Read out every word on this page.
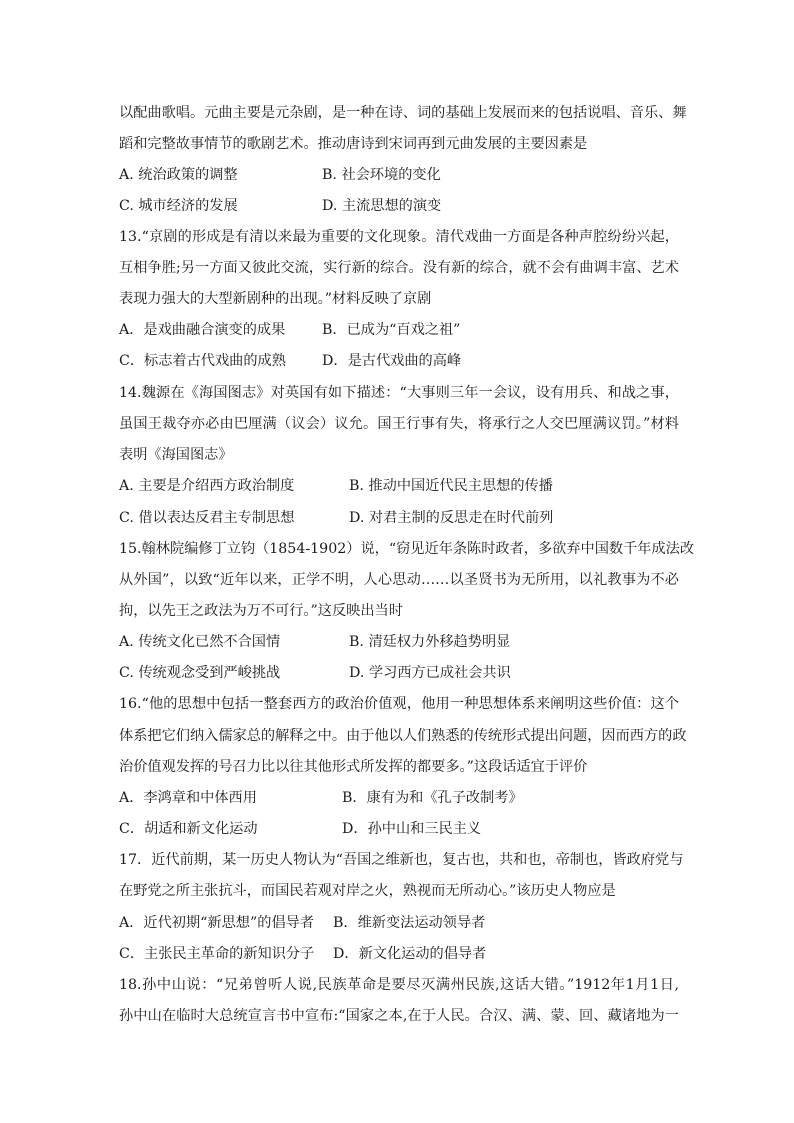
以配曲歌唱。元曲主要是元杂剧，是一种在诗、词的基础上发展而来的包括说唱、音乐、舞
蹈和完整故事情节的歌剧艺术。推动唐诗到宋词再到元曲发展的主要因素是
A. 统治政策的调整	B. 社会环境的变化
C. 城市经济的发展	D. 主流思想的演变
13.“京剧的形成是有清以来最为重要的文化现象。清代戏曲一方面是各种声腔纷纷兴起，
互相争胜;另一方面又彼此交流，实行新的综合。没有新的综合，就不会有曲调丰富、艺术
表现力强大的大型新剧种的出现。”材料反映了京剧
A．是戏曲融合演变的成果	B．已成为“百戏之祖”
C．标志着古代戏曲的成熟	D．是古代戏曲的高峰
14.魏源在《海国图志》对英国有如下描述：“大事则三年一会议，设有用兵、和战之事，
虽国王裁夺亦必由巴厘满（议会）议允。国王行事有失，将承行之人交巴厘满议罚。”材料
表明《海国图志》
A. 主要是介绍西方政治制度	B. 推动中国近代民主思想的传播
C. 借以表达反君主专制思想	D. 对君主制的反思走在时代前列
15.翰林院编修丁立钧（1854-1902）说，“窃见近年条陈时政者，多欲弃中国数千年成法改
从外国”，以致“近年以来，正学不明，人心思动……以圣贤书为无所用，以礼教事为不必
拘，以先王之政法为万不可行。”这反映出当时
A. 传统文化已然不合国情	B. 清廷权力外移趋势明显
C. 传统观念受到严峻挑战	D. 学习西方已成社会共识
16.“他的思想中包括一整套西方的政治价值观，他用一种思想体系来阐明这些价值：这个
体系把它们纳入儒家总的解释之中。由于他以人们熟悉的传统形式提出问题，因而西方的政
治价值观发挥的号召力比以往其他形式所发挥的都要多。”这段话适宜于评价
A．李鸿章和中体西用	B．康有为和《孔子改制考》
C．胡适和新文化运动	D．孙中山和三民主义
17．近代前期，某一历史人物认为“吾国之维新也，复古也，共和也，帝制也，皆政府党与
在野党之所主张抗斗，而国民若观对岸之火，熟视而无所动心。”该历史人物应是
A．近代初期“新思想”的倡导者 B．维新变法运动领导者
C．主张民主革命的新知识分子 D．新文化运动的倡导者
18.孙中山说：“兄弟曾听人说,民族革命是要尽灭满州民族,这话大错。”1912年1月1日,
孙中山在临时大总统宣言书中宣布:“国家之本,在于人民。合汉、满、蒙、回、藏诸地为一
